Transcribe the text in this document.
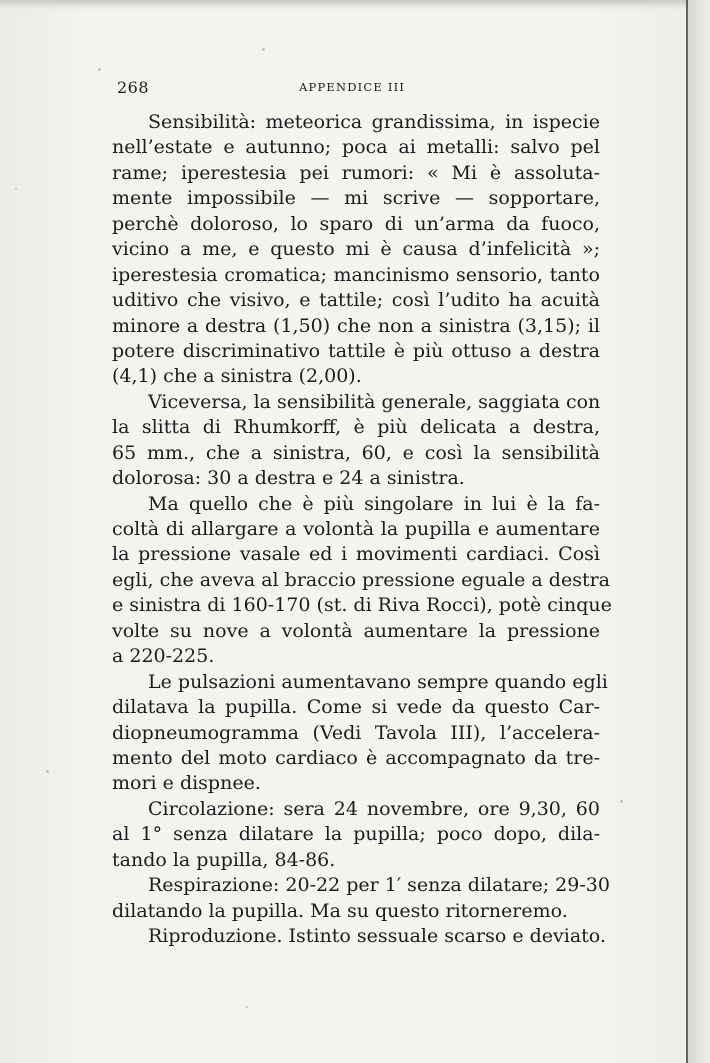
268	APPENDICE III
Sensibilità: meteorica grandissima, in ispecie
nell’estate e autunno; poca ai metalli: salvo pel
rame; iperestesia pei rumori: « Mi è assoluta-
mente impossibile — mi scrive — sopportare,
perchè doloroso, lo sparo di un’arma da fuoco,
vicino a me, e questo mi è causa d’infelicità »;
iperestesia cromatica; mancinismo sensorio, tanto
uditivo che visivo, e tattile; così l’udito ha acuità
minore a destra (1,50) che non a sinistra (3,15); il
potere discriminativo tattile è più ottuso a destra
(4,1) che a sinistra (2,00).
Viceversa, la sensibilità generale, saggiata con
la slitta di Rhumkorff, è più delicata a destra,
65 mm., che a sinistra, 60, e così la sensibilità
dolorosa: 30 a destra e 24 a sinistra.
Ma quello che è più singolare in lui è la fa-
coltà di allargare a volontà la pupilla e aumentare
la pressione vasale ed i movimenti cardiaci. Così
egli, che aveva al braccio pressione eguale a destra
e sinistra di 160-170 (st. di Riva Rocci), potè cinque
volte su nove a volontà aumentare la pressione
a 220-225.
Le pulsazioni aumentavano sempre quando egli
dilatava la pupilla. Come si vede da questo Car-
diopneumogramma (Vedi Tavola III), l’accelera-
mento del moto cardiaco è accompagnato da tre-
mori e dispnee.
Circolazione: sera 24 novembre, ore 9,30, 60
al 1° senza dilatare la pupilla; poco dopo, dila-
tando la pupilla, 84-86.
Respirazione: 20-22 per 1′ senza dilatare; 29-30
dilatando la pupilla. Ma su questo ritorneremo.
Riproduzione. Istinto sessuale scarso e deviato.
